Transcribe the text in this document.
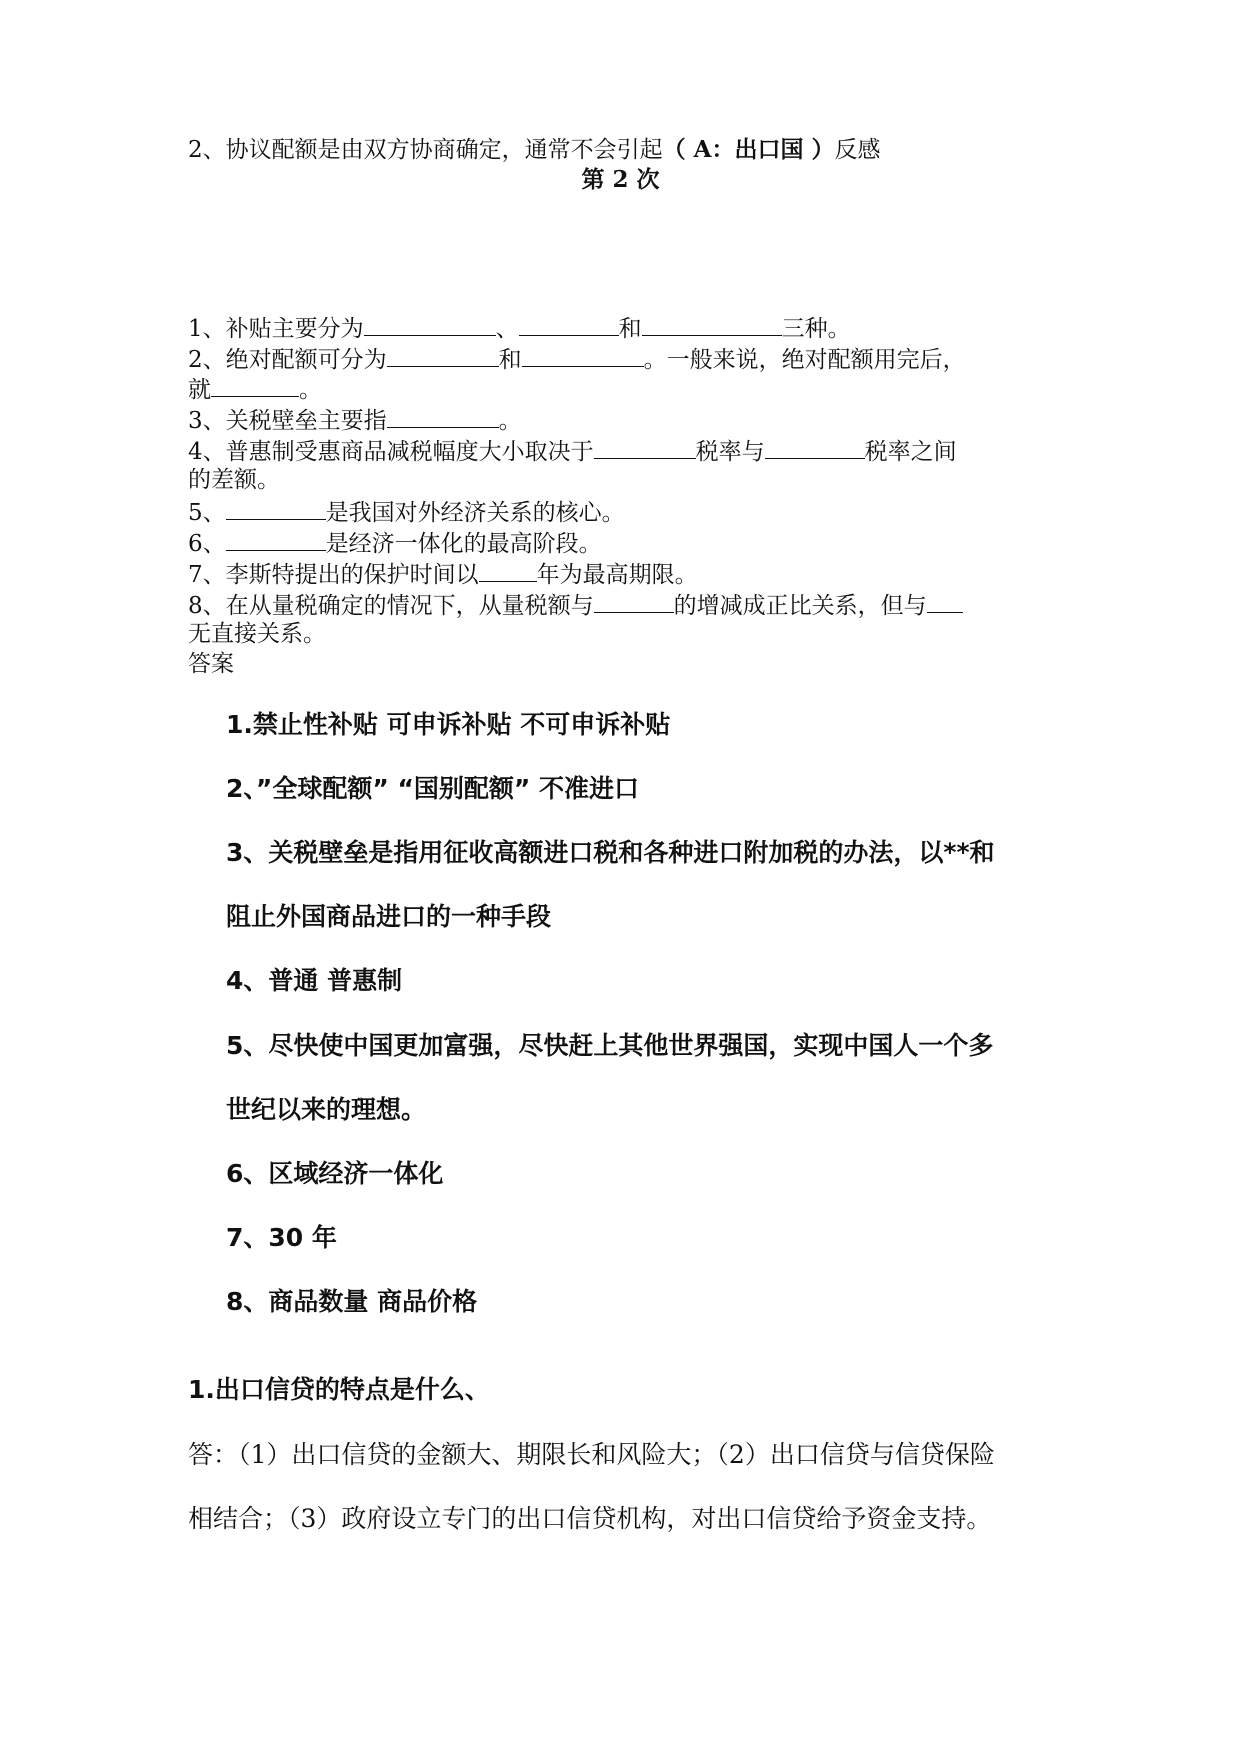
2、协议配额是由双方协商确定，通常不会引起（ A：出口国 ）反感
第 2 次
1、补贴主要分为	、	和	三种。
2、绝对配额可分为	和	。一般来说，绝对配额用完后，
就	。
3、关税壁垒主要指	。
4、普惠制受惠商品减税幅度大小取决于	税率与	税率之间
的差额。
5、	是我国对外经济关系的核心。
6、	是经济一体化的最高阶段。
7、李斯特提出的保护时间以	年为最高期限。
8、在从量税确定的情况下，从量税额与	的增减成正比关系，但与
无直接关系。
答案
1.禁止性补贴 可申诉补贴 不可申诉补贴
2、”全球配额” “国别配额” 不准进口
3、关税壁垒是指用征收高额进口税和各种进口附加税的办法，以**和
阻止外国商品进口的一种手段
4、普通 普惠制
5、尽快使中国更加富强，尽快赶上其他世界强国，实现中国人一个多
世纪以来的理想。
6、区域经济一体化
7、30 年
8、商品数量 商品价格
1.出口信贷的特点是什么、
答：（1）出口信贷的金额大、期限长和风险大；（2）出口信贷与信贷保险
相结合；（3）政府设立专门的出口信贷机构，对出口信贷给予资金支持。
